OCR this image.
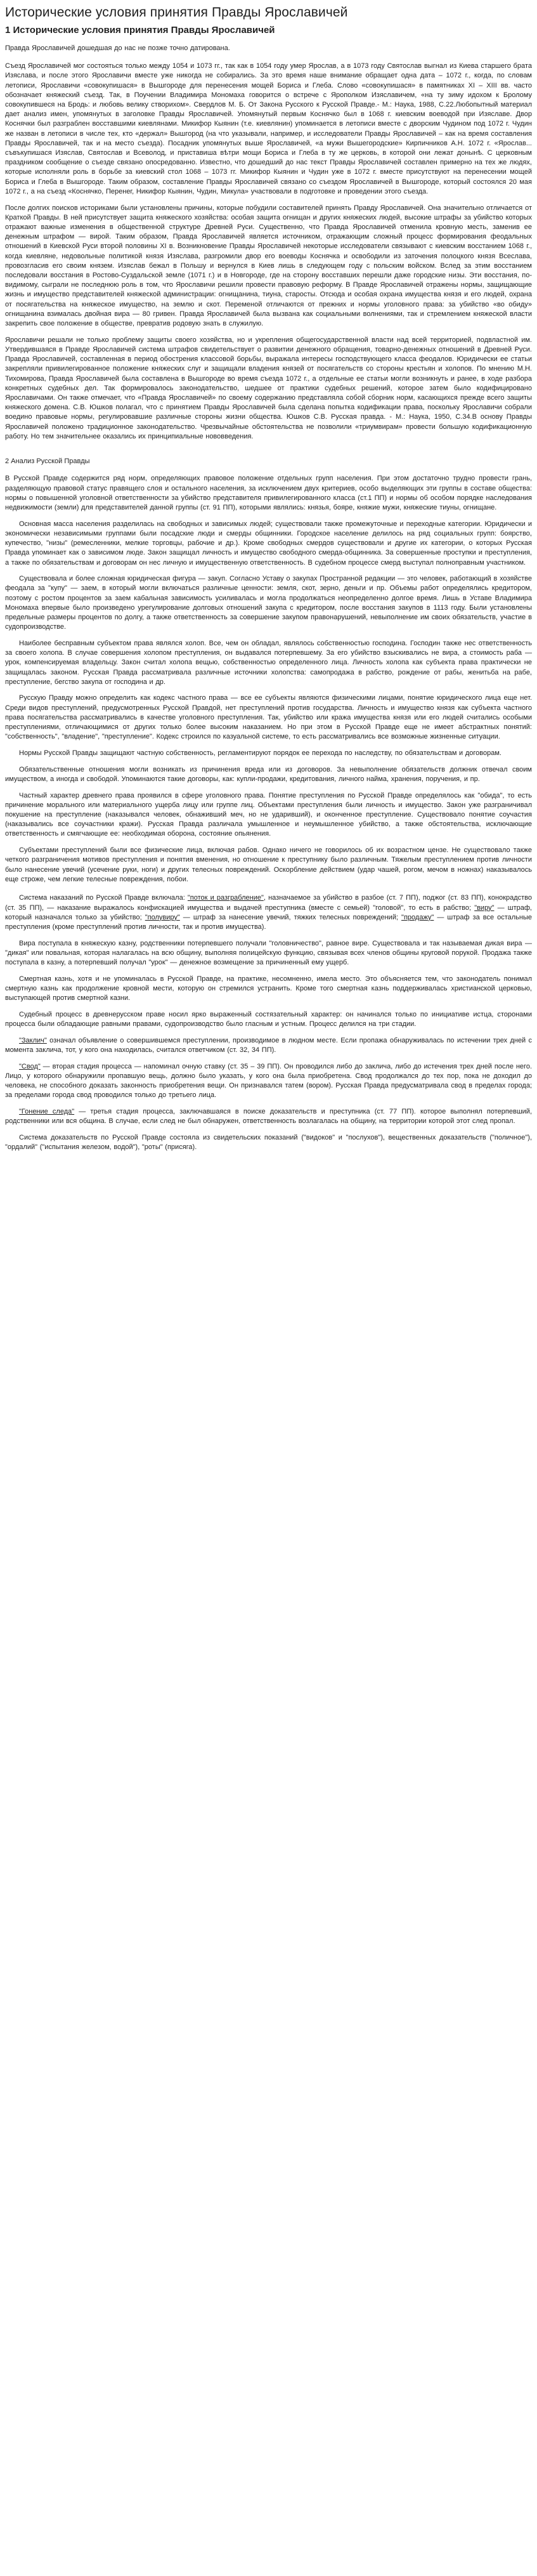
Исторические условия принятия Правды Ярославичей
1 Исторические условия принятия Правды Ярославичей

Правда Ярославичей дошедшая до нас не позже точно датирована.

Съезд Ярославичей мог состояться только между 1054 и 1073 гг., так как в 1054 году умер Ярослав, а в 1073 году Святослав выгнал из Киева старшего брата Изяслава, и после этого Ярославичи вместе уже никогда не собирались. За это время наше внимание обращает одна дата – 1072 г., когда, по словам летописи, Ярославичи «совокупишася» в Вышгороде для перенесения мощей Бориса и Глеба. Слово «совокупишася» в памятниках XI – XIII вв. часто обозначает княжеский съезд. Так, в Поучении Владимира Мономаха говорится о встрече с Ярополком Изяславичем, «на ту зиму идохом к Бролому совокупившеся на Бродь: и любовь велику створихом». Свердлов М. Б. От Закона Русского к Русской Правде.- М.: Наука, 1988, С.22.Любопытный материал дает анализ имен, упомянутых в заголовке Правды Ярославичей. Упомянутый первым Коснячко был в 1068 г. киевским воеводой при Изяславе. Двор Коснячки был разграблен восставшими киевлянами. Микифор Кыянин (т.е. киевлянин) упоминается в летописи вместе с дворским Чудином под 1072 г. Чудин же назван в летописи в числе тех, кто «держал» Вышгород (на что указывали, например, и исследователи Правды Ярославичей – как на время составления Правды Ярославичей, так и на место съезда). Посадник упомянутых выше Ярославичей, «а мужи Вышегородские» Кирпичников А.Н. 1072 г. «Ярослав... съвъкупишася Изяслав, Святослав и Всеволод, и приставиша вѣтри мощи Бориса и Глеба в ту же церковь, в которой они лежат донынѣ. С церковным праздником сообщение о съезде связано опосредованно. Известно, что дошедший до нас текст Правды Ярославичей составлен примерно на тех же людях, которые исполняли роль в борьбе за киевский стол 1068 – 1073 гг. Микифор Кыянин и Чудин уже в 1072 г. вместе присутствуют на перенесении мощей Бориса и Глеба в Вышгороде. Таким образом, составление Правды Ярославичей связано со съездом Ярославичей в Вышгороде, который состоялся 20 мая 1072 г., а на съезд «Коснячко, Перенег, Никифор Кыянин, Чудин, Микула» участвовали в подготовке и проведении этого съезда.

После долгих поисков историками были установлены причины, которые побудили составителей принять Правду Ярославичей. Она значительно отличается от Краткой Правды. В ней присутствует защита княжеского хозяйства: особая защита огнищан и других княжеских людей, высокие штрафы за убийство которых отражают важные изменения в общественной структуре Древней Руси. Существенно, что Правда Ярославичей отменила кровную месть, заменив ее денежным штрафом — вирой. Таким образом, Правда Ярославичей является источником, отражающим сложный процесс формирования феодальных отношений в Киевской Руси второй половины XI в. Возникновение Правды Ярославичей некоторые исследователи связывают с киевским восстанием 1068 г., когда киевляне, недовольные политикой князя Изяслава, разгромили двор его воеводы Коснячка и освободили из заточения полоцкого князя Всеслава, провозгласив его своим князем. Изяслав бежал в Польшу и вернулся в Киев лишь в следующем году с польским войском. Вслед за этим восстанием последовали восстания в Ростово-Суздальской земле (1071 г.) и в Новгороде, где на сторону восставших перешли даже городские низы. Эти восстания, по-видимому, сыграли не последнюю роль в том, что Ярославичи решили провести правовую реформу. В Правде Ярославичей отражены нормы, защищающие жизнь и имущество представителей княжеской администрации: огнищанина, тиуна, старосты. Отсюда и особая охрана имущества князя и его людей, охрана от посягательства на княжеское имущество, на землю и скот. Переменой отличаются от прежних и нормы уголовного права: за убийство «во обиду» огнищанина взималась двойная вира — 80 гривен. Правда Ярославичей была вызвана как социальными волнениями, так и стремлением княжеской власти закрепить свое положение в обществе, превратив родовую знать в служилую.

Ярославичи решали не только проблему защиты своего хозяйства, но и укрепления общегосударственной власти над всей территорией, подвластной им. Утвердившаяся в Правде Ярославичей система штрафов свидетельствует о развитии денежного обращения, товарно-денежных отношений в Древней Руси. Правда Ярославичей, составленная в период обострения классовой борьбы, выражала интересы господствующего класса феодалов. Юридически ее статьи закрепляли привилегированное положение княжеских слуг и защищали владения князей от посягательств со стороны крестьян и холопов. По мнению М.Н. Тихомирова, Правда Ярославичей была составлена в Вышгороде во время съезда 1072 г., а отдельные ее статьи могли возникнуть и ранее, в ходе разбора конкретных судебных дел. Так формировалось законодательство, шедшее от практики судебных решений, которое затем было кодифицировано Ярославичами. Он также отмечает, что «Правда Ярославичей» по своему содержанию представляла собой сборник норм, касающихся прежде всего защиты княжеского домена. С.В. Юшков полагал, что с принятием Правды Ярославичей была сделана попытка кодификации права, поскольку Ярославичи собрали воедино правовые нормы, регулировавшие различные стороны жизни общества. Юшков С.В. Русская правда. - М.: Наука, 1950, С.34.В основу Правды Ярославичей положено традиционное законодательство. Чрезвычайные обстоятельства не позволили «триумвирам» провести большую кодификационную работу. Но тем значительнее оказались их принципиальные нововведения.

2 Анализ Русской Правды

В Русской Правде содержится ряд норм, определяющих правовое положение отдельных групп населения. При этом достаточно трудно провести грань, разделяющую правовой статус правящего слоя и остального населения, за исключением двух критериев, особо выделяющих эти группы в составе общества: нормы о повышенной уголовной ответственности за убийство представителя привилегированного класса (ст.1 ПП) и нормы об особом порядке наследования недвижимости (земли) для представителей данной группы (ст. 91 ПП), которыми являлись: князья, бояре, княжие мужи, княжеские тиуны, огнищане.

Основная масса населения разделилась на свободных и зависимых людей; существовали также промежуточные и переходные категории. Юридически и экономически независимыми группами были посадские люди и смерды общинники. Городское население делилось на ряд социальных групп: боярство, купечество, "низы" (ремесленники, мелкие торговцы, рабочие и др.). Кроме свободных смердов существовали и другие их категории, о которых Русская Правда упоминает как о зависимом люде. Закон защищал личность и имущество свободного смерда-общинника. За совершенные проступки и преступления, а также по обязательствам и договорам он нес личную и имущественную ответственность. В судебном процессе смерд выступал полноправным участником.

Существовала и более сложная юридическая фигура — закуп. Согласно Уставу о закупах Пространной редакции — это человек, работающий в хозяйстве феодала за "купу" — заем, в который могли включаться различные ценности: земля, скот, зерно, деньги и пр. Объемы работ определялись кредитором, поэтому с ростом процентов за заем кабальная зависимость усиливалась и могла продолжаться неопределенно долгое время. Лишь в Уставе Владимира Мономаха впервые было произведено урегулирование долговых отношений закупа с кредитором, после восстания закупов в 1113 году. Были установлены предельные размеры процентов по долгу, а также ответственность за совершение закупом правонарушений, невыполнение им своих обязательств, участие в судопроизводстве.

Наиболее бесправным субъектом права являлся холоп. Все, чем он обладал, являлось собственностью господина. Господин также нес ответственность за своего холопа. В случае совершения холопом преступления, он выдавался потерпевшему. За его убийство взыскивались не вира, а стоимость раба — урок, компенсируемая владельцу. Закон считал холопа вещью, собственностью определенного лица. Личность холопа как субъекта права практически не защищалась законом. Русская Правда рассматривала различные источники холопства: самопродажа в рабство, рождение от рабы, женитьба на рабе, преступление, бегство закупа от господина и др.

Русскую Правду можно определить как кодекс частного права — все ее субъекты являются физическими лицами, понятие юридического лица еще нет. Среди видов преступлений, предусмотренных Русской Правдой, нет преступлений против государства. Личность и имущество князя как субъекта частного права посягательства рассматривались в качестве уголовного преступления. Так, убийство или кража имущества князя или его людей считались особыми преступлениями, отличающимися от других только более высоким наказанием. Но при этом в Русской Правде еще не имеет абстрактных понятий: "собственность", "владение", "преступление". Кодекс строился по казуальной системе, то есть рассматривались все возможные жизненные ситуации.

Нормы Русской Правды защищают частную собственность, регламентируют порядок ее перехода по наследству, по обязательствам и договорам.

Обязательственные отношения могли возникать из причинения вреда или из договоров. За невыполнение обязательств должник отвечал своим имуществом, а иногда и свободой. Упоминаются такие договоры, как: купли-продажи, кредитования, личного найма, хранения, поручения, и пр.

Частный характер древнего права проявился в сфере уголовного права. Понятие преступления по Русской Правде определялось как "обида", то есть причинение морального или материального ущерба лицу или группе лиц. Объектами преступления были личность и имущество. Закон уже разграничивал покушение на преступление (наказывался человек, обнаживший меч, но не ударивший), и оконченное преступление. Существовало понятие соучастия (наказывались все соучастники кражи). Русская Правда различала умышленное и неумышленное убийство, а также обстоятельства, исключающие ответственность и смягчающие ее: необходимая оборона, состояние опьянения.

Субъектами преступлений были все физические лица, включая рабов. Однако ничего не говорилось об их возрастном цензе. Не существовало также четкого разграничения мотивов преступления и понятия вменения, но отношение к преступнику было различным. Тяжелым преступлением против личности было нанесение увечий (усечение руки, ноги) и других телесных повреждений. Оскорбление действием (удар чашей, рогом, мечом в ножнах) наказывалось еще строже, чем легкие телесные повреждения, побои.

Система наказаний по Русской Правде включала: "поток и разграбление", назначаемое за убийство в разбое (ст. 7 ПП), поджог (ст. 83 ПП), конокрадство (ст. 35 ПП), — наказание выражалось конфискацией имущества и выдачей преступника (вместе с семьей) "головой", то есть в рабство; "виру" — штраф, который назначался только за убийство; "полувиру" — штраф за нанесение увечий, тяжких телесных повреждений; "продажу" — штраф за все остальные преступления (кроме преступлений против личности, так и против имущества).

Вира поступала в княжескую казну, родственники потерпевшего получали "головничество", равное вире. Существовала и так называемая дикая вира — "дикая" или повальная, которая налагалась на всю общину, выполняя полицейскую функцию, связывая всех членов общины круговой порукой. Продажа также поступала в казну, а потерпевший получал "урок" — денежное возмещение за причиненный ему ущерб.

Смертная казнь, хотя и не упоминалась в Русской Правде, на практике, несомненно, имела место. Это объясняется тем, что законодатель понимал смертную казнь как продолжение кровной мести, которую он стремился устранить. Кроме того смертная казнь поддерживалась христианской церковью, выступающей против смертной казни.

Судебный процесс в древнерусском праве носил ярко выраженный состязательный характер: он начинался только по инициативе истца, сторонами процесса были обладающие равными правами, судопроизводство было гласным и устным. Процесс делился на три стадии.

"Заклич" означал объявление о совершившемся преступлении, производимое в людном месте. Если пропажа обнаруживалась по истечении трех дней с момента заклича, тот, у кого она находилась, считался ответчиком (ст. 32, 34 ПП).

"Свод" — вторая стадия процесса — напоминал очную ставку (ст. 35 – 39 ПП). Он проводился либо до заклича, либо до истечения трех дней после него. Лицо, у которого обнаружили пропавшую вещь, должно было указать, у кого она была приобретена. Свод продолжался до тех пор, пока не доходил до человека, не способного доказать законность приобретения вещи. Он признавался татем (вором). Русская Правда предусматривала свод в пределах города; за пределами города свод проводился только до третьего лица.

"Гонение следа" — третья стадия процесса, заключавшаяся в поиске доказательств и преступника (ст. 77 ПП). которое выполнял потерпевший, родственники или вся община. В случае, если след не был обнаружен, ответственность возлагалась на общину, на территории которой этот след пропал.

Система доказательств по Русской Правде состояла из свидетельских показаний ("видоков" и "послухов"), вещественных доказательств ("поличное"), "ордалий" ("испытания железом, водой"), "роты" (присяга).
